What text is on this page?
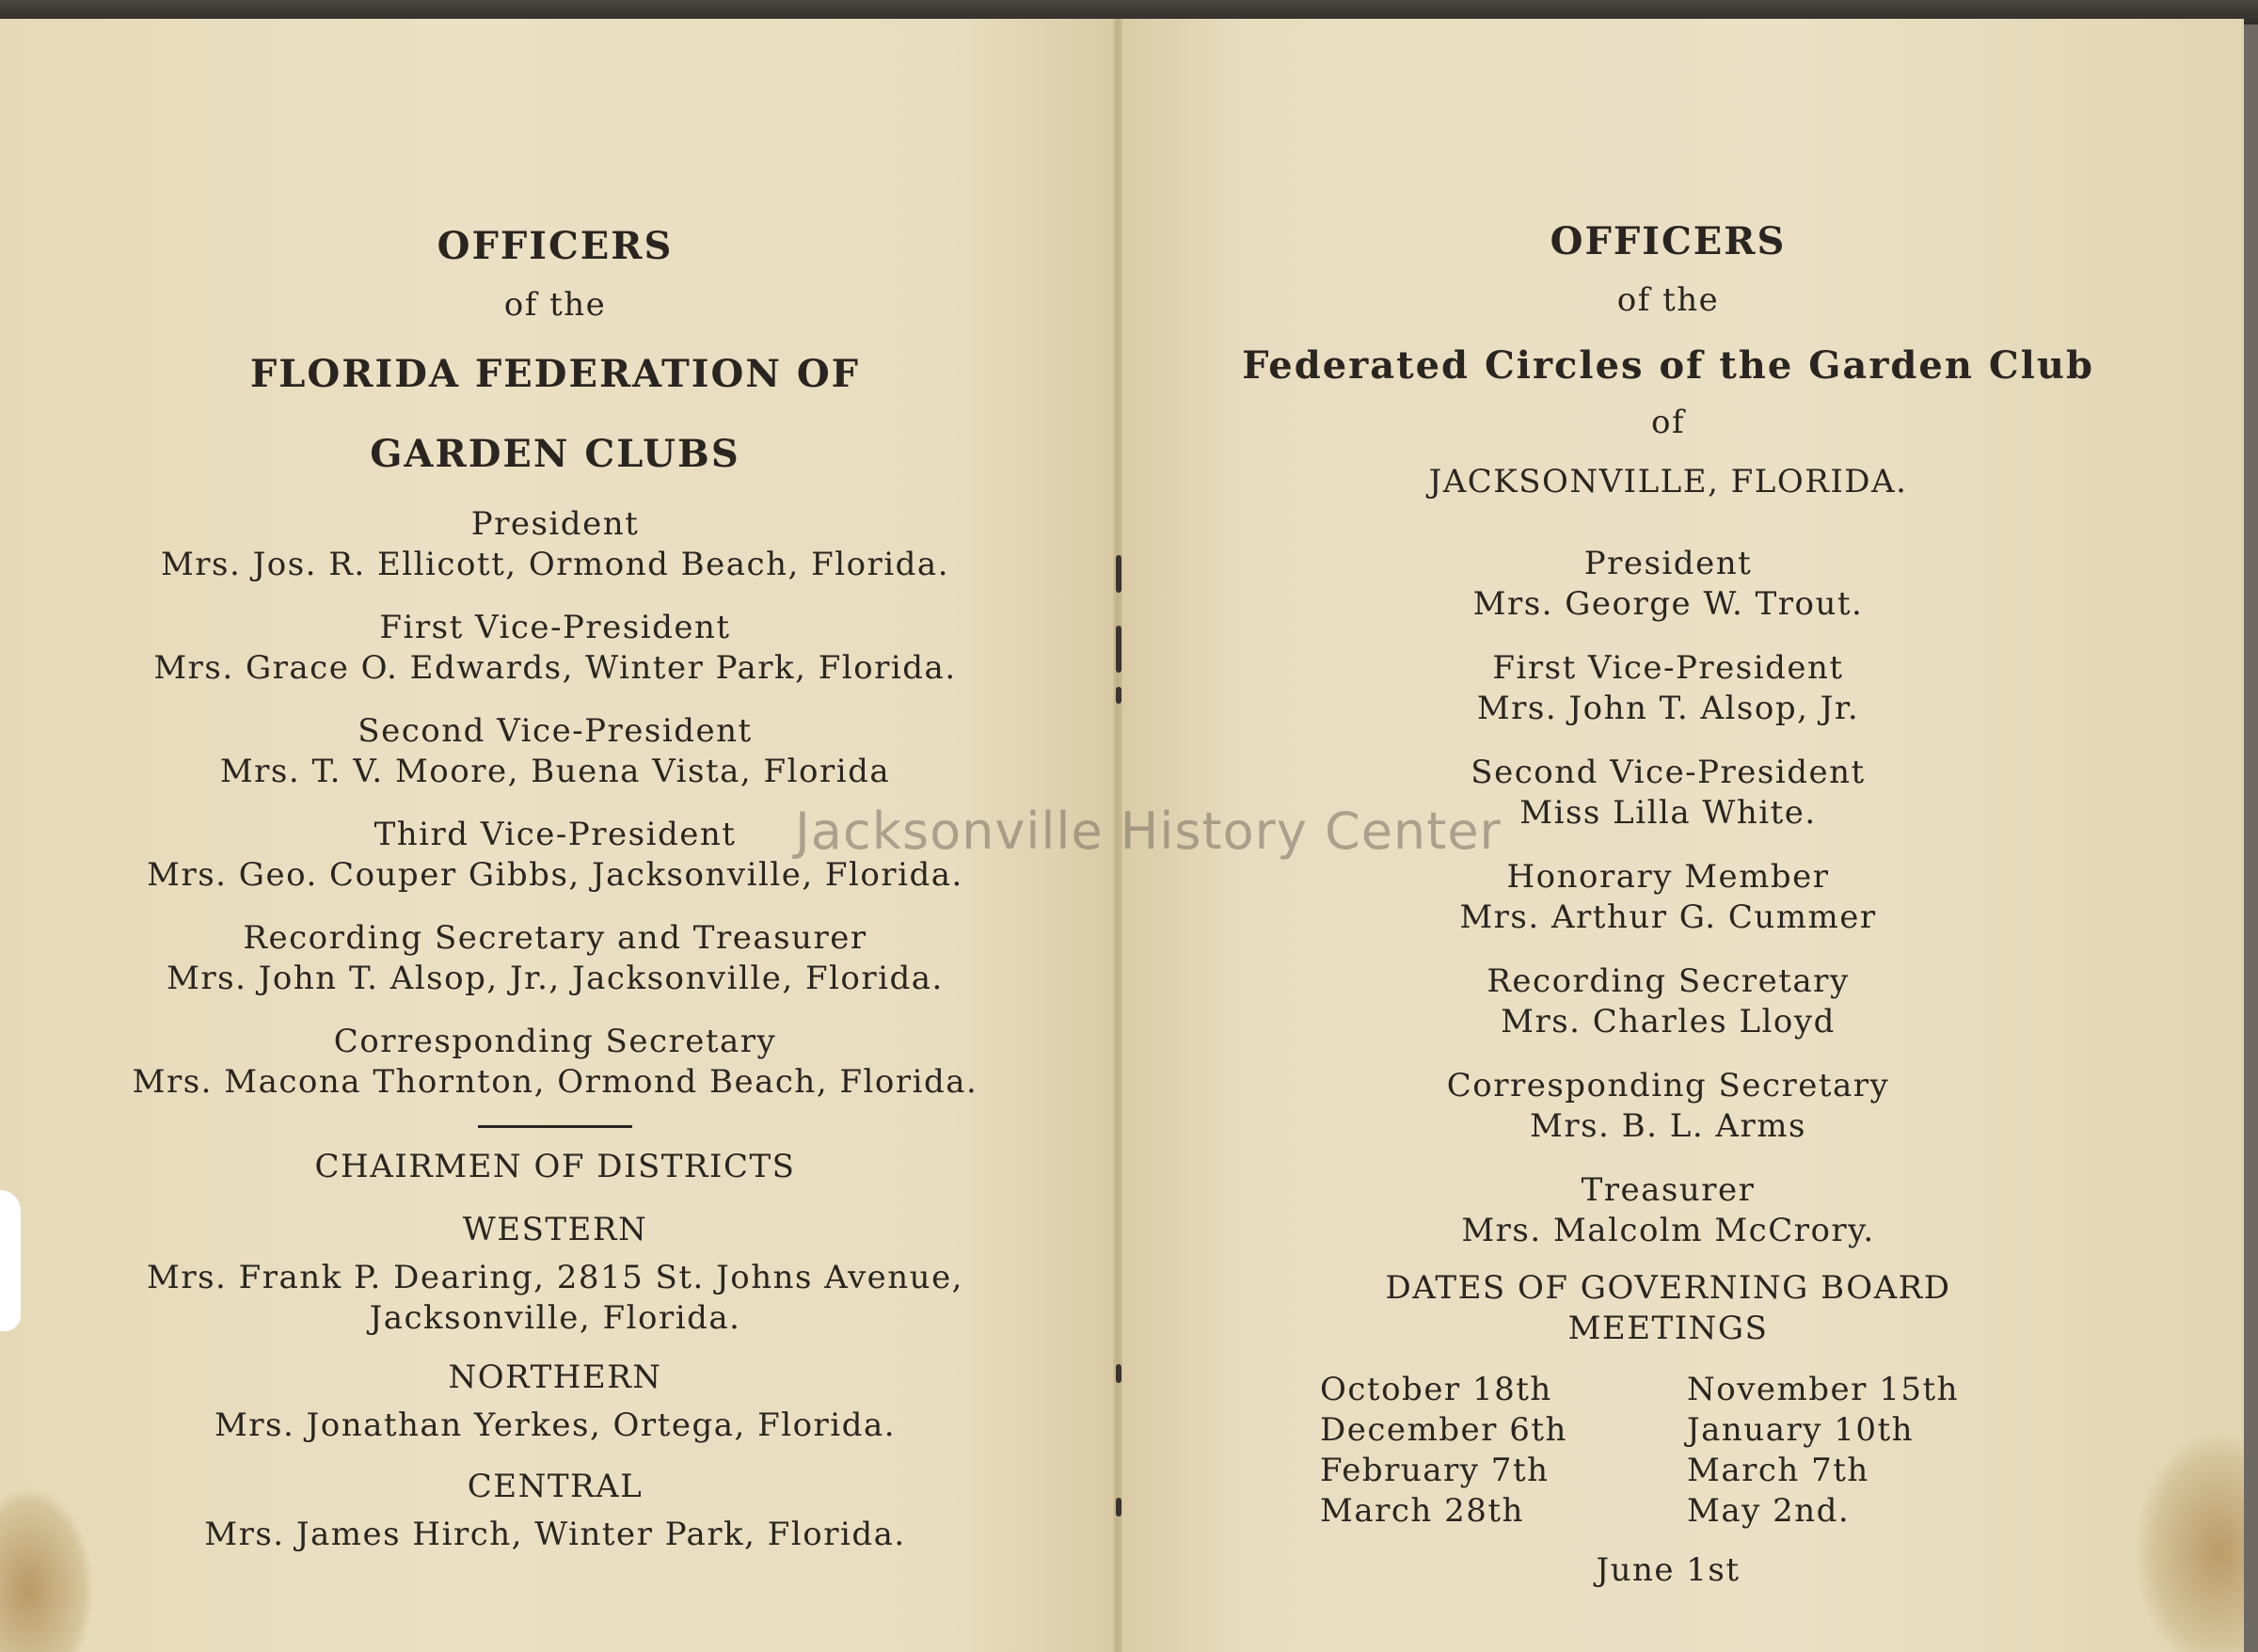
OFFICERS
of the
FLORIDA FEDERATION OF
GARDEN CLUBS
President
Mrs. Jos. R. Ellicott, Ormond Beach, Florida.
First Vice-President
Mrs. Grace O. Edwards, Winter Park, Florida.
Second Vice-President
Mrs. T. V. Moore, Buena Vista, Florida
Third Vice-President
Mrs. Geo. Couper Gibbs, Jacksonville, Florida.
Recording Secretary and Treasurer
Mrs. John T. Alsop, Jr., Jacksonville, Florida.
Corresponding Secretary
Mrs. Macona Thornton, Ormond Beach, Florida.
CHAIRMEN OF DISTRICTS
WESTERN
Mrs. Frank P. Dearing, 2815 St. Johns Avenue,
Jacksonville, Florida.
NORTHERN
Mrs. Jonathan Yerkes, Ortega, Florida.
CENTRAL
Mrs. James Hirch, Winter Park, Florida.
OFFICERS
of the
Federated Circles of the Garden Club
of
JACKSONVILLE, FLORIDA.
President
Mrs. George W. Trout.
First Vice-President
Mrs. John T. Alsop, Jr.
Second Vice-President
Miss Lilla White.
Honorary Member
Mrs. Arthur G. Cummer
Recording Secretary
Mrs. Charles Lloyd
Corresponding Secretary
Mrs. B. L. Arms
Treasurer
Mrs. Malcolm McCrory.
DATES OF GOVERNING BOARD
MEETINGS
October 18th
December 6th
February 7th
March 28th
November 15th
January 10th
March 7th
May 2nd.
June 1st
Jacksonville History Center
